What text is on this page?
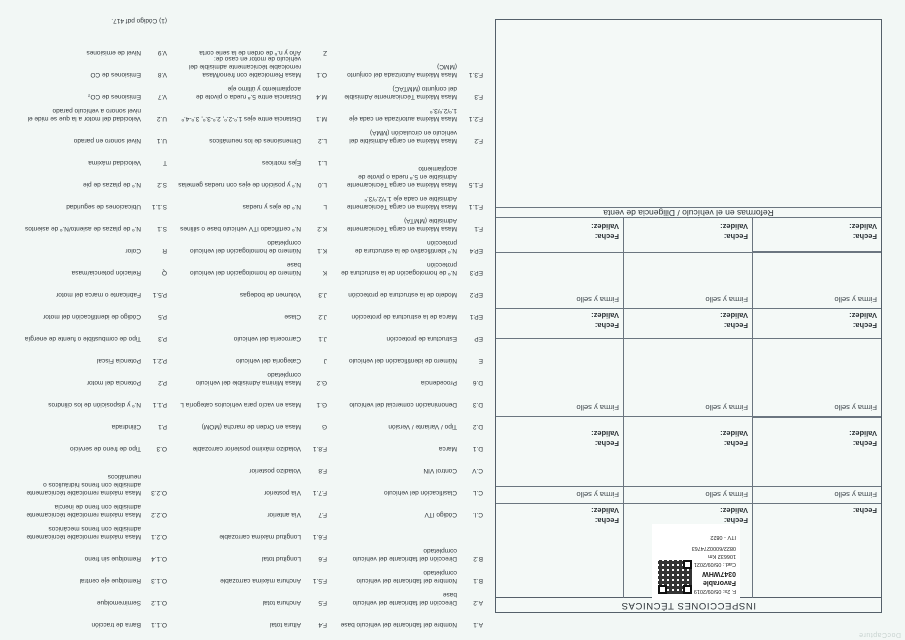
INSPECCIONES TÉCNICAS
F. 2s: 05/09/2019
Favorable
0347WHW
Cad.: 05/09/2021
106632 Km
0822/6000274763
ITV - 0822
Fecha:
Fecha:
Validez:
Fecha:
Validez:
Firma y sello
Firma y sello
Firma y sello
Fecha:
Validez:
Fecha:
Validez:
Fecha:
Validez:
Firma y sello
Firma y sello
Firma y sello
Fecha:
Validez:
Fecha:
Validez:
Fecha:
Validez:
Firma y sello
Firma y sello
Firma y sello
Fecha:
Validez:
Fecha:
Validez:
Fecha:
Validez:
Reformas en el vehículo / Diligencia de venta
A.1
Nombre del fabricante del vehículo base
F.4
Altura total
O.1.1
Barra de tracción
A.2
Dirección del fabricante del vehículo base
F.5
Anchura total
O.1.2
Semirremolque
B.1
Nombre del fabricante del vehículo completado
F.5.1
Anchura máxima carrozable
O.1.3
Remolque eje central
B.2
Dirección del fabricante del vehículo completado
F.6
Longitud total
O.1.4
Remolque sin freno
F.6.1
Longitud máxima carrozable
O.2.1
Masa máxima remolcable técnicamente admisible con frenos mecánicos
C.I.
Código ITV
F.7
Vía anterior
O.2.2
Masa máxima remolcable técnicamente admisible con freno de inercia
C.L
Clasificación del vehículo
F.7.1
Vía posterior
O.2.3
Masa máxima remolcable técnicamente admisible con frenos hidráulicos o neumáticos
C.V
Control VIN
F.8
Voladizo posterior
D.1
Marca
F.8.1
Voladizo máximo posterior carrozable
O.3
Tipo de freno de servicio
D.2
Tipo / Variante / Versión
G
Masa en Orden de marcha (MOM)
P.1
Cilindrada
D.3
Denominación comercial del vehículo
G.1
Masa en vacío para vehículos categoría L
P.1.1
N.º y disposición de los cilindros
D.6
Procedencia
G.2
Masa Mínima Admisible del vehículo completado
P.2
Potencia del motor
E
Número de identificación del vehículo
J
Categoría del vehículo
P.2.1
Potencia Fiscal
EP
Estructura de protección
J.1
Carrocería del vehículo
P.3
Tipo de combustible o fuente de energía
EP.1
Marca de la estructura de protección
J.2
Clase
P.5
Código de identificación del motor
EP.2
Modelo de la estructura de protección
J.3
Volumen de bodegas
P.5.1
Fabricante o marca del motor
EP.3
N.º de homologación de la estructura de protección
K
Número de homologación del vehículo base
Q
Relación potencia/masa
EP.4
N.º identificativo de la estructura de protección
K.1
Número de homologación del vehículo completado
R
Color
F.1
Masa Máxima en carga Técnicamente Admisible (MMTA)
K.2
N.º certificado ITV vehículo base o sillines
S.1
N.º de plazas de asiento/N.º de asientos
F.1.1
Masa Máxima en carga Técnicamente Admisible en cada eje 1.º/2.º/3.º
L
N.º de ejes y ruedas
S.1.1
Ubicaciones de seguridad
F.1.5
Masa Máxima en carga Técnicamente Admisible en 5.ª rueda o pivote de acoplamiento
L.0
N.º y posición de ejes con ruedas gemelas
S.2
N.º de plazas de pie
L.1
Ejes motrices
T
Velocidad máxima
F.2
Masa Máxima en carga Admisible del vehículo en circulación (MMA)
L.2
Dimensiones de los neumáticos
U.1
Nivel sonoro en parado
F.2.1
Masa Máxima autorizada en cada eje 1.º/2.º/3.º
M.1
Distancia entre ejes 1.º-2.º, 2.º-3.º, 3.º-4.º
U.2
Velocidad del motor a la que se mide el nivel sonoro a vehículo parado
F.3
Masa Máxima Técnicamente Admisible del conjunto (MMTAC)
M.4
Distancia entre 5.ª rueda o pivote de acoplamiento y último eje
V.7
Emisiones de CO₂
F.3.1
Masa Máxima Autorizada del conjunto (MMC)
O.1
Masa Remolcable con freno/Masa remolcable técnicamente admisible del vehículo de motor en caso de:
V.8
Emisiones de CO
Z
Año y n.º de orden de la serie corta
V.9
Nivel de emisiones
(1) Código pdf 417.
DocCapture
